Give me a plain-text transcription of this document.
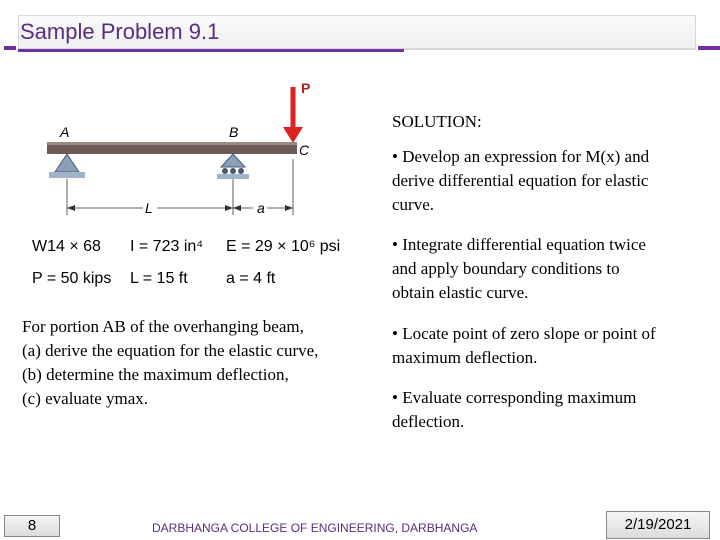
Sample Problem 9.1
P
A	B
C
L	a
W14 × 68	I = 723 in⁴	E = 29 × 10⁶ psi
P = 50 kips	L = 15 ft	a = 4 ft
For portion AB of the overhanging beam,
(a) derive the equation for the elastic curve,
(b) determine the maximum deflection,
(c) evaluate ymax.
SOLUTION:
• Develop an expression for M(x) and
derive differential equation for elastic
curve.
• Integrate differential equation twice
and apply boundary conditions to
obtain elastic curve.
• Locate point of zero slope or point of
maximum deflection.
• Evaluate corresponding maximum
deflection.
8	DARBHANGA COLLEGE OF ENGINEERING, DARBHANGA	2/19/2021
